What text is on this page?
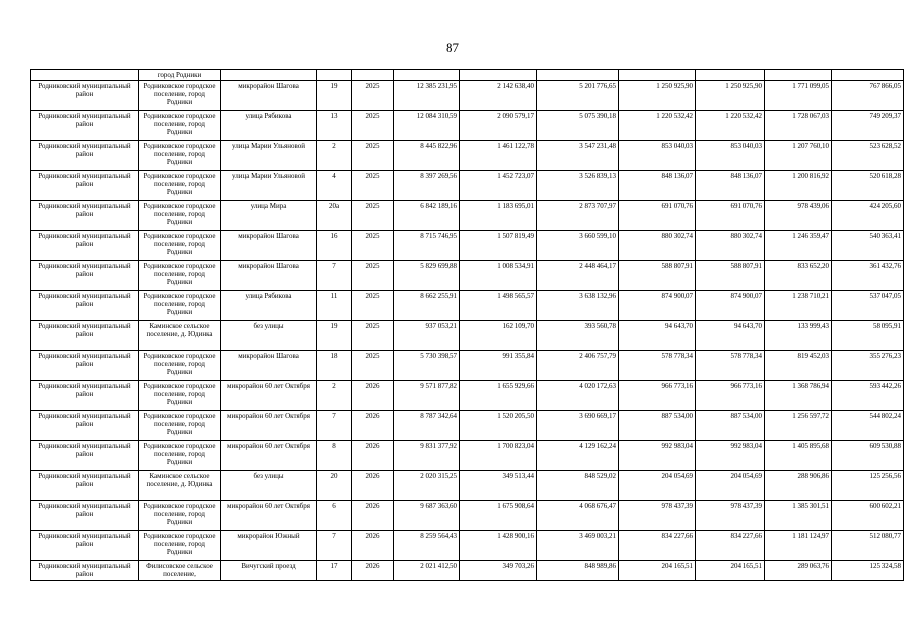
87
	город Родники										
Родниковский муниципальный район	Родниковское городское поселение, город Родники	микрорайон Шагова	19	2025	12 385 231,95	2 142 638,40	5 201 776,65	1 250 925,90	1 250 925,90	1 771 099,05	767 866,05
Родниковский муниципальный район	Родниковское городское поселение, город Родники	улица Рябикова	13	2025	12 084 310,59	2 090 579,17	5 075 390,18	1 220 532,42	1 220 532,42	1 728 067,03	749 209,37
Родниковский муниципальный район	Родниковское городское поселение, город Родники	улица Марии Ульяновой	2	2025	8 445 822,96	1 461 122,78	3 547 231,48	853 040,03	853 040,03	1 207 760,10	523 628,52
Родниковский муниципальный район	Родниковское городское поселение, город Родники	улица Марии Ульяновой	4	2025	8 397 269,56	1 452 723,07	3 526 839,13	848 136,07	848 136,07	1 200 816,92	520 618,28
Родниковский муниципальный район	Родниковское городское поселение, город Родники	улица Мира	20а	2025	6 842 189,16	1 183 695,01	2 873 707,97	691 070,76	691 070,76	978 439,06	424 205,60
Родниковский муниципальный район	Родниковское городское поселение, город Родники	микрорайон Шагова	16	2025	8 715 746,95	1 507 819,49	3 660 599,10	880 302,74	880 302,74	1 246 359,47	540 363,41
Родниковский муниципальный район	Родниковское городское поселение, город Родники	микрорайон Шагова	7	2025	5 829 699,88	1 008 534,91	2 448 464,17	588 807,91	588 807,91	833 652,20	361 432,76
Родниковский муниципальный район	Родниковское городское поселение, город Родники	улица Рябикова	11	2025	8 662 255,91	1 498 565,57	3 638 132,96	874 900,07	874 900,07	1 238 710,21	537 047,05
Родниковский муниципальный район	Каминское сельское поселение, д. Юдинка	без улицы	19	2025	937 053,21	162 109,70	393 560,78	94 643,70	94 643,70	133 999,43	58 095,91
Родниковский муниципальный район	Родниковское городское поселение, город Родники	микрорайон Шагова	18	2025	5 730 398,57	991 355,84	2 406 757,79	578 778,34	578 778,34	819 452,03	355 276,23
Родниковский муниципальный район	Родниковское городское поселение, город Родники	микрорайон 60 лет Октября	2	2026	9 571 877,82	1 655 929,66	4 020 172,63	966 773,16	966 773,16	1 368 786,94	593 442,26
Родниковский муниципальный район	Родниковское городское поселение, город Родники	микрорайон 60 лет Октября	7	2026	8 787 342,64	1 520 205,50	3 690 669,17	887 534,00	887 534,00	1 256 597,72	544 802,24
Родниковский муниципальный район	Родниковское городское поселение, город Родники	микрорайон 60 лет Октября	8	2026	9 831 377,92	1 700 823,04	4 129 162,24	992 983,04	992 983,04	1 405 895,68	609 530,88
Родниковский муниципальный район	Каминское сельское поселение, д. Юдинка	без улицы	20	2026	2 020 315,25	349 513,44	848 529,02	204 054,69	204 054,69	288 906,86	125 256,56
Родниковский муниципальный район	Родниковское городское поселение, город Родники	микрорайон 60 лет Октября	6	2026	9 687 363,60	1 675 908,64	4 068 676,47	978 437,39	978 437,39	1 385 301,51	600 602,21
Родниковский муниципальный район	Родниковское городское поселение, город Родники	микрорайон Южный	7	2026	8 259 564,43	1 428 900,16	3 469 003,21	834 227,66	834 227,66	1 181 124,97	512 080,77
Родниковский муниципальный район	Филисовское сельское поселение,	Вичугский проезд	17	2026	2 021 412,50	349 703,26	848 989,86	204 165,51	204 165,51	289 063,76	125 324,58
